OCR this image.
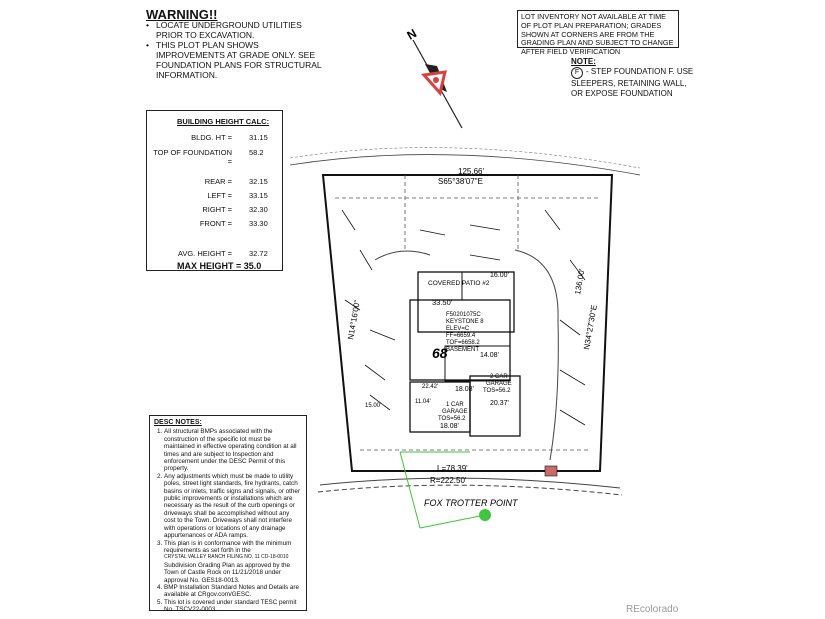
WARNING!!
• LOCATE UNDERGROUND UTILITIES PRIOR TO EXCAVATION.
• THIS PLOT PLAN SHOWS IMPROVEMENTS AT GRADE ONLY. SEE FOUNDATION PLANS FOR STRUCTURAL INFORMATION.
LOT INVENTORY NOT AVAILABLE AT TIME OF PLOT PLAN PREPARATION; GRADES SHOWN AT CORNERS ARE FROM THE GRADING PLAN AND SUBJECT TO CHANGE AFTER FIELD VERIFICATION
NOTE:
F - STEP FOUNDATION F. USE SLEEPERS, RETAINING WALL, OR EXPOSE FOUNDATION
BUILDING HEIGHT CALC:
BLDG. HT = 31.15
TOP OF FOUNDATION =
58.2
REAR = 32.15
LEFT = 33.15
RIGHT = 32.30
FRONT = 33.30
AVG. HEIGHT = 32.72
MAX HEIGHT = 35.0
N
125.66'
S65°38'07"E
N14°16'00"	N34°27'30"E
136.00'
COVERED PATIO #2
33.50'
16.00'
F50201075C
KEYSTONE 8
ELEV=C
FF=6659.4
TOF=6658.2
BASEMENT
68	14.08'
2 CAR
GARAGE
TOS=56.2
18.08'
22.42'
11.04'	20.37'
1 CAR
GARAGE
TOS=56.2
18.08'
15.00'
L=78.39'
R=222.50'
FOX TROTTER POINT
DESC NOTES:
1. All structural BMPs associated with the construction of the specific lot must be maintained in effective operating condition at all times and are subject to Inspection and enforcement under the DESC Permit of this property.
2. Any adjustments which must be made to utility poles, street light standards, fire hydrants, catch basins or inlets, traffic signs and signals, or other public improvements or installations which are necessary as the result of the curb openings or driveways shall be accomplished without any cost to the Town. Driveways shall not interfere with operations or locations of any drainage appurtenances or ADA ramps.
3. This plan is in conformance with the minimum requirements as set forth in the
CRYSTAL VALLEY RANCH FILING NO. 11 CD-18-0010
Subdivision Grading Plan as approved by the Town of Castle Rock on 11/21/2018 under approval No. GES18-0013.
4. BMP Installation Standard Notes and Details are available at CRgov.com/GESC.
5. This lot is covered under standard TESC permit No. TSCV22-0003.	REcolorado
